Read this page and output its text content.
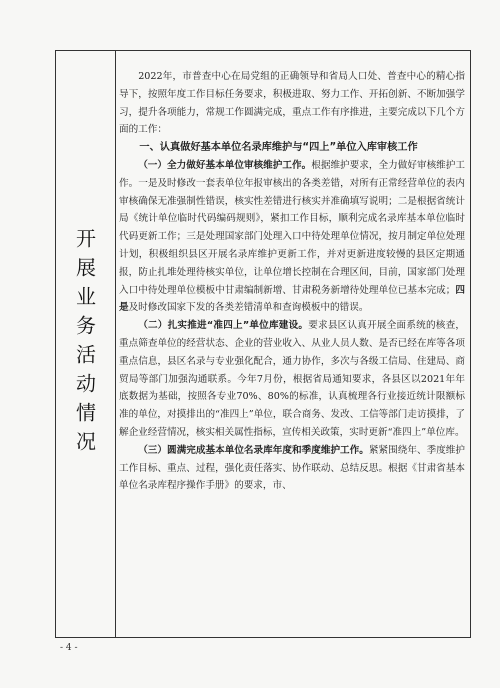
开展业务活动情况

2022年，市普查中心在局党组的正确领导和省局人口处、普查中心的精心指导下，按照年度工作目标任务要求，积极进取、努力工作、开拓创新、不断加强学习，提升各项能力，常规工作圆满完成，重点工作有序推进，主要完成以下几个方面的工作：

一、认真做好基本单位名录库维护与“四上”单位入库审核工作

（一）全力做好基本单位审核维护工作。根据维护要求，全力做好审核维护工作。一是及时修改一套表单位年报审核出的各类差错，对所有正常经营单位的表内审核确保无准强制性错误，核实性差错进行核实并准确填写说明；二是根据省统计局《统计单位临时代码编码规则》，紧扣工作目标，顺利完成名录库基本单位临时代码更新工作；三是处理国家部门处理入口中待处理单位情况，按月制定单位处理计划，积极组织县区开展名录库维护更新工作，并对更新进度较慢的县区定期通报，防止扎堆处理待核实单位，让单位增长控制在合理区间，目前，国家部门处理入口中待处理单位模板中甘肃编制新增、甘肃税务新增待处理单位已基本完成；四是及时修改国家下发的各类差错清单和查询模板中的错误。

（二）扎实推进“准四上”单位库建设。要求县区认真开展全面系统的核查，重点筛查单位的经营状态、企业的营业收入、从业人员人数、是否已经在库等各项重点信息，县区名录与专业强化配合，通力协作，多次与各级工信局、住建局、商贸局等部门加强沟通联系。今年7月份，根据省局通知要求，各县区以2021年年底数据为基础，按照各专业70%、80%的标准，认真梳理各行业接近统计限额标准的单位，对摸排出的“准四上”单位，联合商务、发改、工信等部门走访摸排，了解企业经营情况，核实相关属性指标，宣传相关政策，实时更新“准四上”单位库。

（三）圆满完成基本单位名录库年度和季度维护工作。紧紧围绕年、季度维护工作目标、重点、过程，强化责任落实、协作联动、总结反思。根据《甘肃省基本单位名录库程序操作手册》的要求，市、

- 4 -
